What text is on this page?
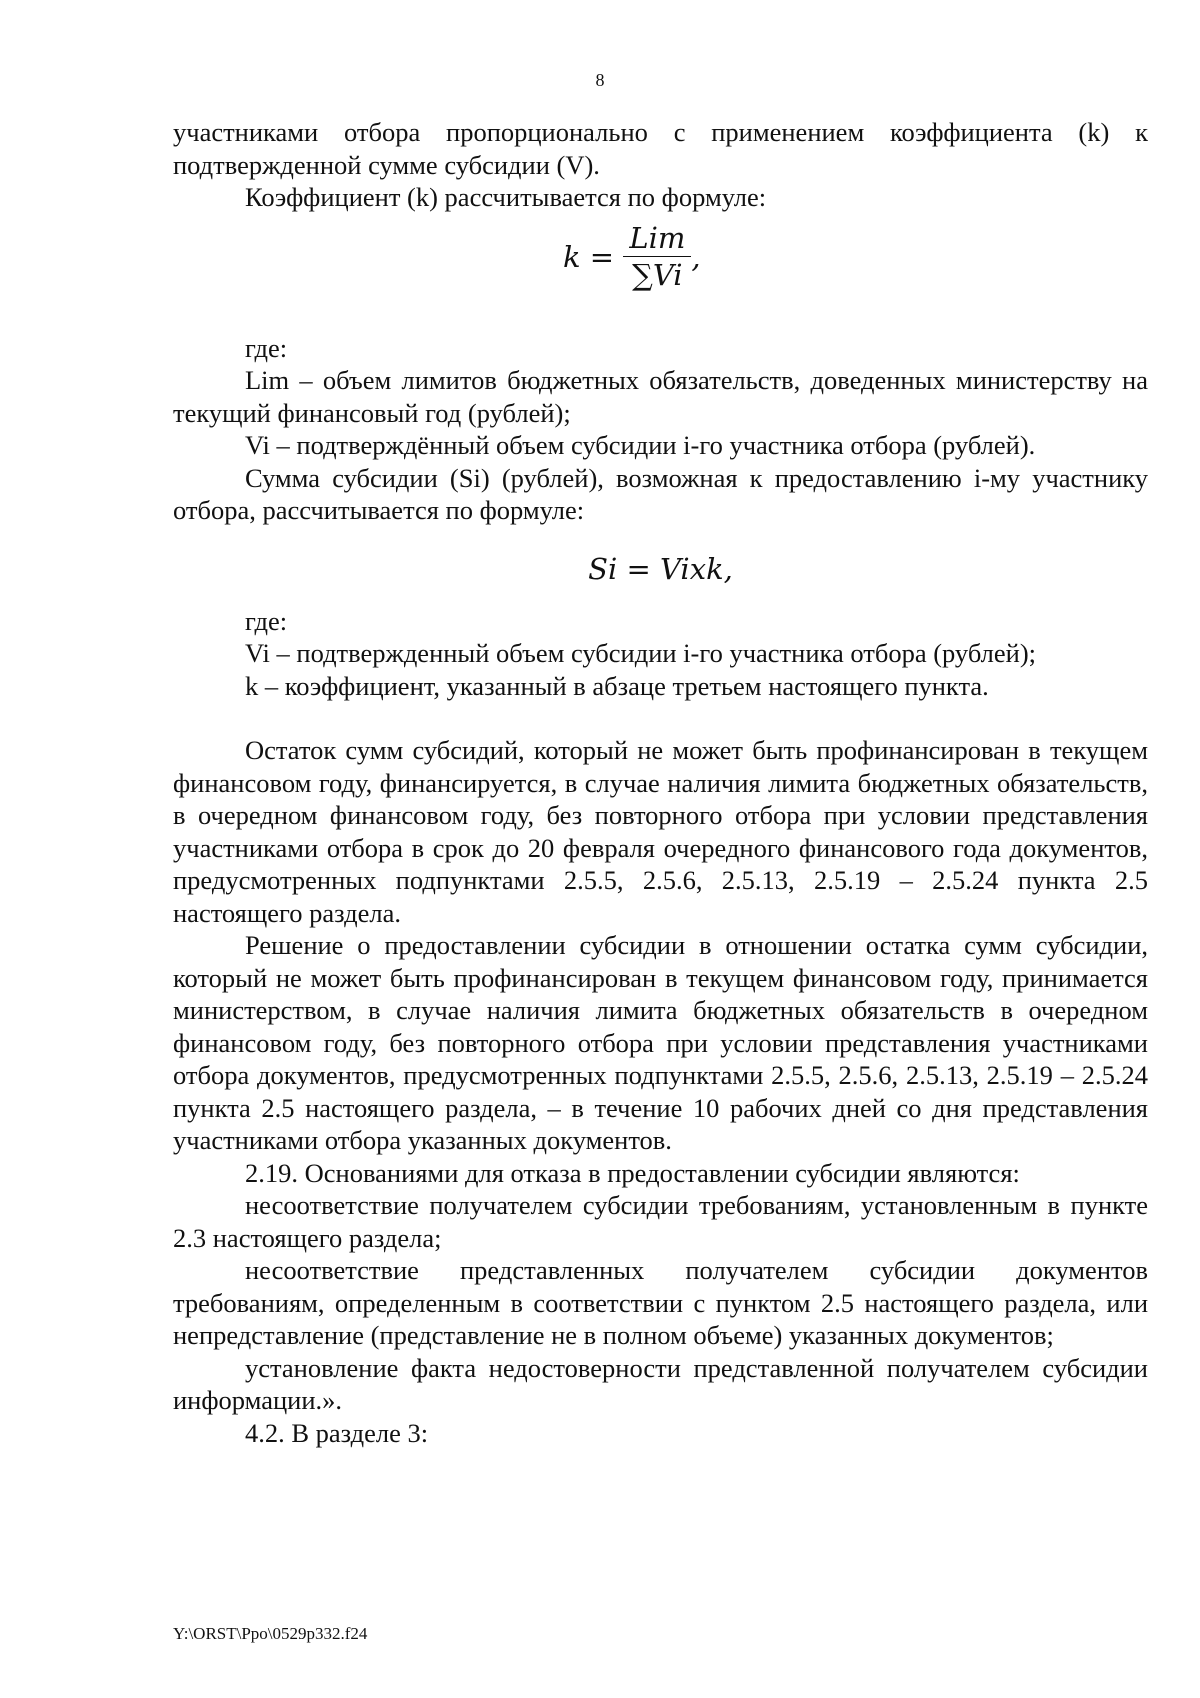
8

участниками отбора пропорционально с применением коэффициента (k) к подтвержденной сумме субсидии (V).

Коэффициент (k) рассчитывается по формуле:

$k = \frac{\text{Lim}}{\sum Vi}$ ,

где:

Lim – объем лимитов бюджетных обязательств, доведенных министерству на текущий финансовый год (рублей);

Vi – подтверждённый объем субсидии i-го участника отбора (рублей).

Сумма субсидии (Si) (рублей), возможная к предоставлению i-му участнику отбора, рассчитывается по формуле:

Si = Vixk,

где:

Vi – подтвержденный объем субсидии i-го участника отбора (рублей);

k – коэффициент, указанный в абзаце третьем настоящего пункта.

Остаток сумм субсидий, который не может быть профинансирован в текущем финансовом году, финансируется, в случае наличия лимита бюджетных обязательств, в очередном финансовом году, без повторного отбора при условии представления участниками отбора в срок до 20 февраля очередного финансового года документов, предусмотренных подпунктами 2.5.5, 2.5.6, 2.5.13, 2.5.19 – 2.5.24 пункта 2.5 настоящего раздела.

Решение о предоставлении субсидии в отношении остатка сумм субсидии, который не может быть профинансирован в текущем финансовом году, принимается министерством, в случае наличия лимита бюджетных обязательств в очередном финансовом году, без повторного отбора при условии представления участниками отбора документов, предусмотренных подпунктами 2.5.5, 2.5.6, 2.5.13, 2.5.19 – 2.5.24 пункта 2.5 настоящего раздела, – в течение 10 рабочих дней со дня представления участниками отбора указанных документов.

2.19. Основаниями для отказа в предоставлении субсидии являются:

несоответствие получателем субсидии требованиям, установленным в пункте 2.3 настоящего раздела;

несоответствие представленных получателем субсидии документов требованиям, определенным в соответствии с пунктом 2.5 настоящего раздела, или непредставление (представление не в полном объеме) указанных документов;

установление факта недостоверности представленной получателем субсидии информации.».

4.2. В разделе 3:

Y:\ORST\Ppo\0529p332.f24
